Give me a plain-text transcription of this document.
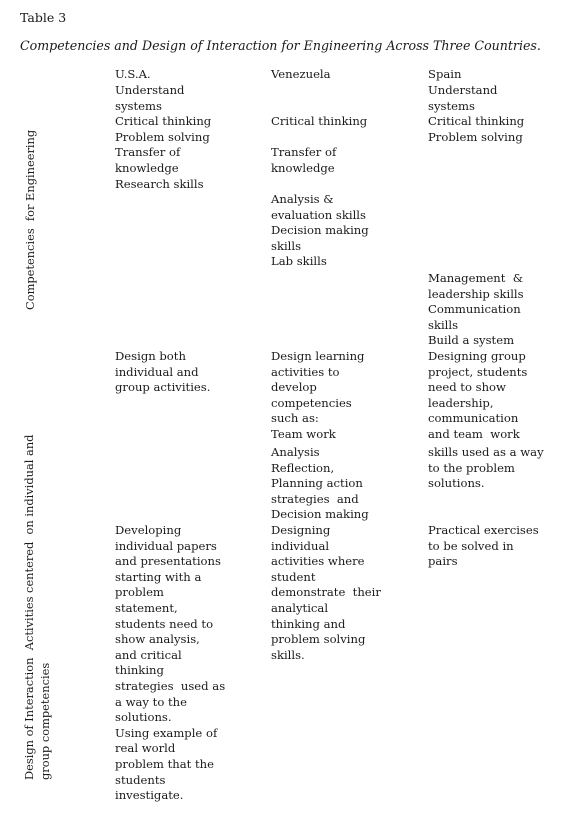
Table 3
Competencies and Design of Interaction for Engineering Across Three Countries.
U.S.A.	Venezuela	Spain
Competencies  for Engineering
Design of Interaction  Activities centered  on individual and
group competencies
Understand
systems
Critical thinking
Problem solving
Transfer of
knowledge
Research skills
Critical thinking
Transfer of
knowledge
Analysis &
evaluation skills
Decision making
skills
Lab skills
Understand
systems
Critical thinking
Problem solving
Management  &
leadership skills
Communication
skills
Build a system
Design both
individual and
group activities.
Developing
individual papers
and presentations
starting with a
problem
statement,
students need to
show analysis,
and critical
thinking
strategies  used as
a way to the
solutions.
Using example of
real world
problem that the
students
investigate.
Design learning
activities to
develop
competencies
such as:
Team work
Analysis
Reflection,
Planning action
strategies  and
Decision making
Designing
individual
activities where
student
demonstrate  their
analytical
thinking and
problem solving
skills.
Designing group
project, students
need to show
leadership,
communication
and team  work
skills used as a way
to the problem
solutions.
Practical exercises
to be solved in
pairs
